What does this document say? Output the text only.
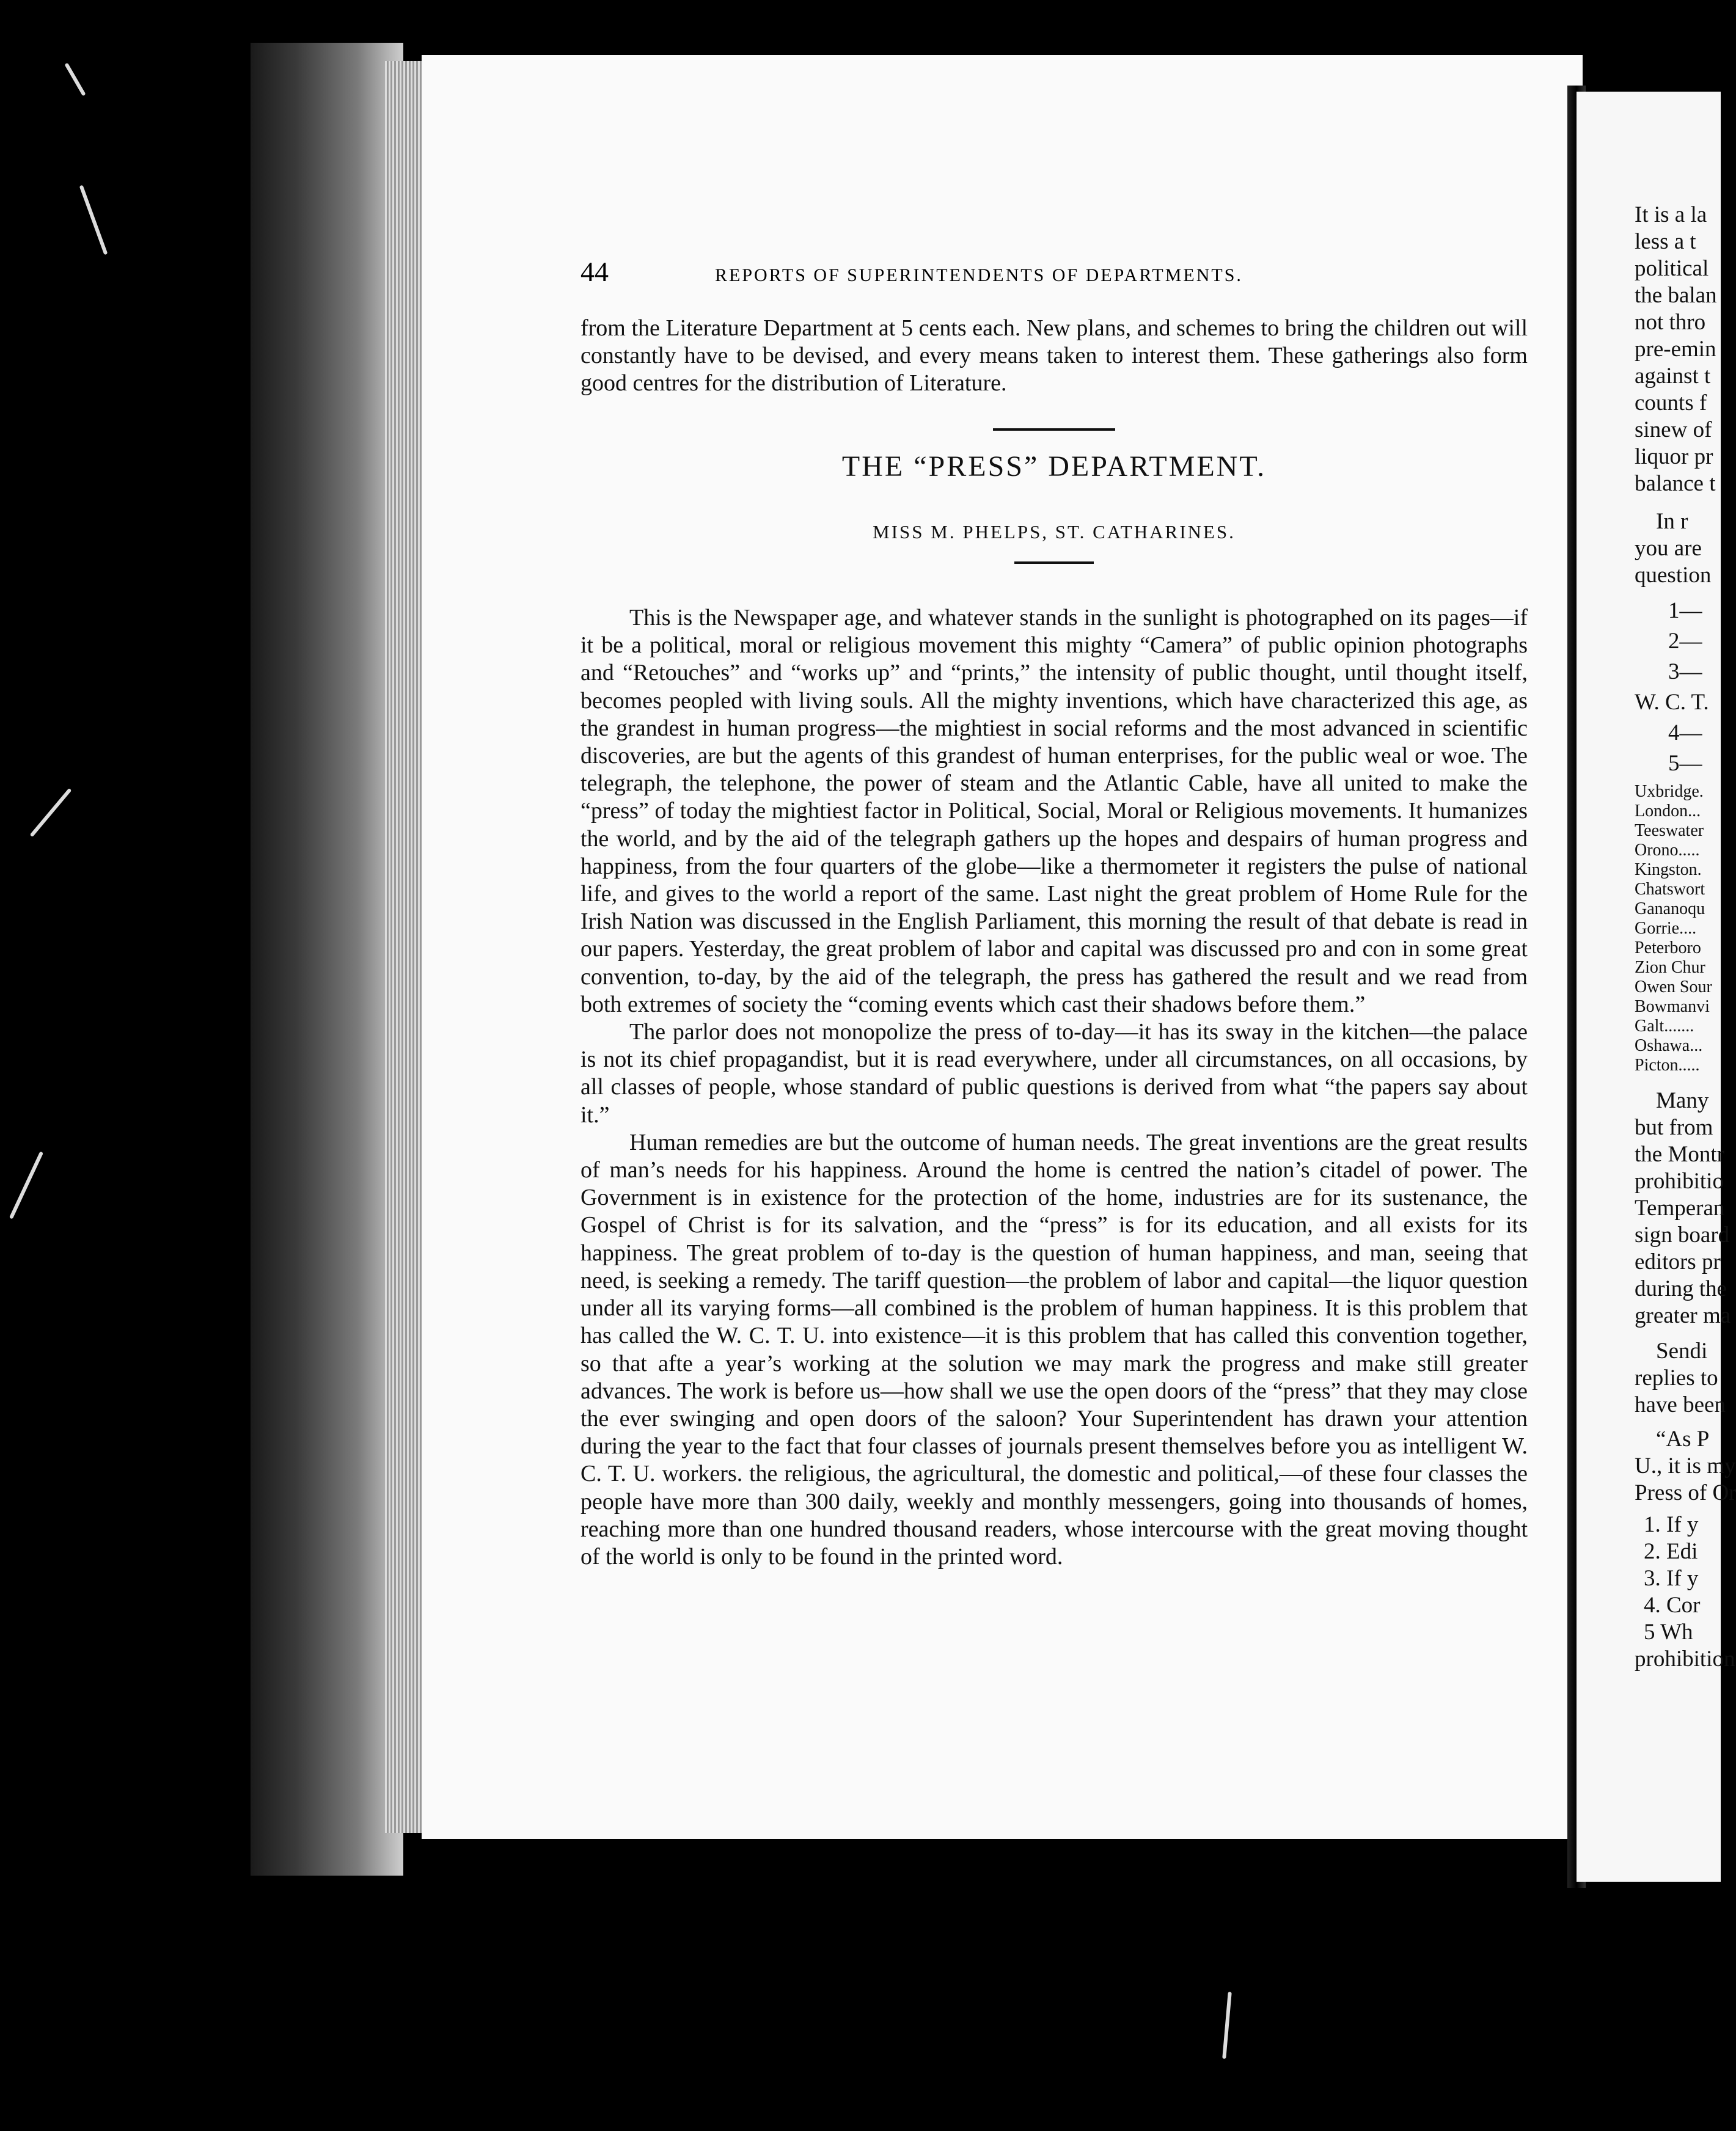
44	REPORTS OF SUPERINTENDENTS OF DEPARTMENTS.

from the Literature Department at 5 cents each. New plans, and schemes to bring the children out will constantly have to be devised, and every means taken to interest them. These gatherings also form good centres for the distribution of Literature.

THE “PRESS” DEPARTMENT.

MISS M. PHELPS, ST. CATHARINES.

This is the Newspaper age, and whatever stands in the sunlight is photographed on its pages—if it be a political, moral or religious movement this mighty “Camera” of public opinion photographs and “Retouches” and “works up” and “prints,” the intensity of public thought, until thought itself, becomes peopled with living souls. All the mighty inventions, which have characterized this age, as the grandest in human progress—the mightiest in social reforms and the most advanced in scientific discoveries, are but the agents of this grandest of human enterprises, for the public weal or woe. The telegraph, the telephone, the power of steam and the Atlantic Cable, have all united to make the “press” of today the mightiest factor in Political, Social, Moral or Religious movements. It humanizes the world, and by the aid of the telegraph gathers up the hopes and despairs of human progress and happiness, from the four quarters of the globe—like a thermometer it registers the pulse of national life, and gives to the world a report of the same. Last night the great problem of Home Rule for the Irish Nation was discussed in the English Parliament, this morning the result of that debate is read in our papers. Yesterday, the great problem of labor and capital was discussed pro and con in some great convention, to-day, by the aid of the telegraph, the press has gathered the result and we read from both extremes of society the “coming events which cast their shadows before them.”

The parlor does not monopolize the press of to-day—it has its sway in the kitchen—the palace is not its chief propagandist, but it is read everywhere, under all circumstances, on all occasions, by all classes of people, whose standard of public questions is derived from what “the papers say about it.”

Human remedies are but the outcome of human needs. The great inventions are the great results of man’s needs for his happiness. Around the home is centred the nation’s citadel of power. The Government is in existence for the protection of the home, industries are for its sustenance, the Gospel of Christ is for its salvation, and the “press” is for its education, and all exists for its happiness. The great problem of to-day is the question of human happiness, and man, seeing that need, is seeking a remedy. The tariff question—the problem of labor and capital—the liquor question under all its varying forms—all combined is the problem of human happiness. It is this problem that has called the W. C. T. U. into existence—it is this problem that has called this convention together, so that afte a year’s working at the solution we may mark the progress and make still greater advances. The work is before us—how shall we use the open doors of the “press” that they may close the ever swinging and open doors of the saloon? Your Superintendent has drawn your attention during the year to the fact that four classes of journals present themselves before you as intelligent W. C. T. U. workers. the religious, the agricultural, the domestic and political,—of these four classes the people have more than 300 daily, weekly and monthly messengers, going into thousands of homes, reaching more than one hundred thousand readers, whose intercourse with the great moving thought of the world is only to be found in the printed word.

It is a la
less a t
political
the balan
not thro
pre-emin
against t
counts f
sinew of
liquor pr
balance t
In r
you are
question
1—
2—
3—
W. C. T.
4—
5—
Uxbridge.
London...
Teeswater
Orono.....
Kingston.
Chatswort
Gananoqu
Gorrie....
Peterboro
Zion Chur
Owen Sour
Bowmanvi
Galt.......
Oshawa...
Picton.....
Many
but from
the Montr
prohibitio
Temperan
sign board
editors pr
during the
greater ma
Sendi
replies to
have been
“As P
U., it is my
Press of Or
1. If y
2. Edi
3. If y
4. Cor
5 Wh
prohibition
